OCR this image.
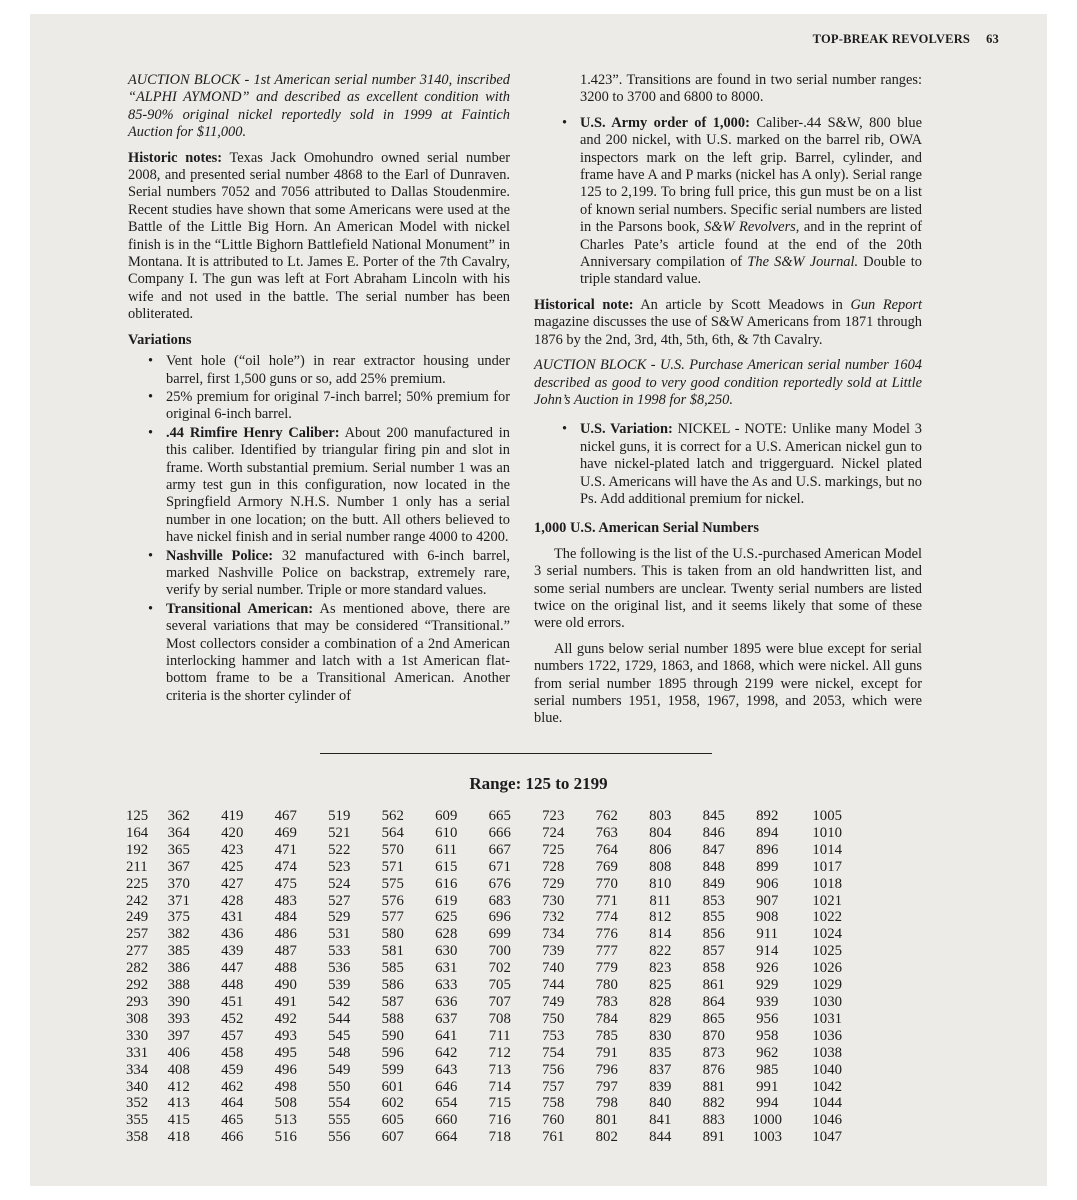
TOP-BREAK REVOLVERS 63

AUCTION BLOCK - 1st American serial number 3140, inscribed “ALPHI AYMOND” and described as excellent condition with 85-90% original nickel reportedly sold in 1999 at Faintich Auction for $11,000.

Historic notes: Texas Jack Omohundro owned serial number 2008, and presented serial number 4868 to the Earl of Dunraven. Serial numbers 7052 and 7056 attributed to Dallas Stoudenmire. Recent studies have shown that some Americans were used at the Battle of the Little Big Horn. An American Model with nickel finish is in the “Little Bighorn Battlefield National Monument” in Montana. It is attributed to Lt. James E. Porter of the 7th Cavalry, Company I. The gun was left at Fort Abraham Lincoln with his wife and not used in the battle. The serial number has been obliterated.

Variations
• Vent hole (“oil hole”) in rear extractor housing under barrel, first 1,500 guns or so, add 25% premium.
• 25% premium for original 7-inch barrel; 50% premium for original 6-inch barrel.
• .44 Rimfire Henry Caliber: About 200 manufactured in this caliber. Identified by triangular firing pin and slot in frame. Worth substantial premium. Serial number 1 was an army test gun in this configuration, now located in the Springfield Armory N.H.S. Number 1 only has a serial number in one location; on the butt. All others believed to have nickel finish and in serial number range 4000 to 4200.
• Nashville Police: 32 manufactured with 6-inch barrel, marked Nashville Police on backstrap, extremely rare, verify by serial number. Triple or more standard values.
• Transitional American: As mentioned above, there are several variations that may be considered “Transitional.” Most collectors consider a combination of a 2nd American interlocking hammer and latch with a 1st American flat-bottom frame to be a Transitional American. Another criteria is the shorter cylinder of

1.423”. Transitions are found in two serial number ranges: 3200 to 3700 and 6800 to 8000.

• U.S. Army order of 1,000: Caliber-.44 S&W, 800 blue and 200 nickel, with U.S. marked on the barrel rib, OWA inspectors mark on the left grip. Barrel, cylinder, and frame have A and P marks (nickel has A only). Serial range 125 to 2,199. To bring full price, this gun must be on a list of known serial numbers. Specific serial numbers are listed in the Parsons book, S&W Revolvers, and in the reprint of Charles Pate’s article found at the end of the 20th Anniversary compilation of The S&W Journal. Double to triple standard value.

Historical note: An article by Scott Meadows in Gun Report magazine discusses the use of S&W Americans from 1871 through 1876 by the 2nd, 3rd, 4th, 5th, 6th, & 7th Cavalry.

AUCTION BLOCK - U.S. Purchase American serial number 1604 described as good to very good condition reportedly sold at Little John’s Auction in 1998 for $8,250.

• U.S. Variation: NICKEL - NOTE: Unlike many Model 3 nickel guns, it is correct for a U.S. American nickel gun to have nickel-plated latch and triggerguard. Nickel plated U.S. Americans will have the As and U.S. markings, but no Ps. Add additional premium for nickel.
1,000 U.S. American Serial Numbers

The following is the list of the U.S.-purchased American Model 3 serial numbers. This is taken from an old handwritten list, and some serial numbers are unclear. Twenty serial numbers are listed twice on the original list, and it seems likely that some of these were old errors.

All guns below serial number 1895 were blue except for serial numbers 1722, 1729, 1863, and 1868, which were nickel. All guns from serial number 1895 through 2199 were nickel, except for serial numbers 1951, 1958, 1967, 1998, and 2053, which were blue.

Range: 125 to 2199
125	362	419	467	519	562	609	665	723	762	803	845	892	1005
164	364	420	469	521	564	610	666	724	763	804	846	894	1010
192	365	423	471	522	570	611	667	725	764	806	847	896	1014
211	367	425	474	523	571	615	671	728	769	808	848	899	1017
225	370	427	475	524	575	616	676	729	770	810	849	906	1018
242	371	428	483	527	576	619	683	730	771	811	853	907	1021
249	375	431	484	529	577	625	696	732	774	812	855	908	1022
257	382	436	486	531	580	628	699	734	776	814	856	911	1024
277	385	439	487	533	581	630	700	739	777	822	857	914	1025
282	386	447	488	536	585	631	702	740	779	823	858	926	1026
292	388	448	490	539	586	633	705	744	780	825	861	929	1029
293	390	451	491	542	587	636	707	749	783	828	864	939	1030
308	393	452	492	544	588	637	708	750	784	829	865	956	1031
330	397	457	493	545	590	641	711	753	785	830	870	958	1036
331	406	458	495	548	596	642	712	754	791	835	873	962	1038
334	408	459	496	549	599	643	713	756	796	837	876	985	1040
340	412	462	498	550	601	646	714	757	797	839	881	991	1042
352	413	464	508	554	602	654	715	758	798	840	882	994	1044
355	415	465	513	555	605	660	716	760	801	841	883	1000	1046
358	418	466	516	556	607	664	718	761	802	844	891	1003	1047
